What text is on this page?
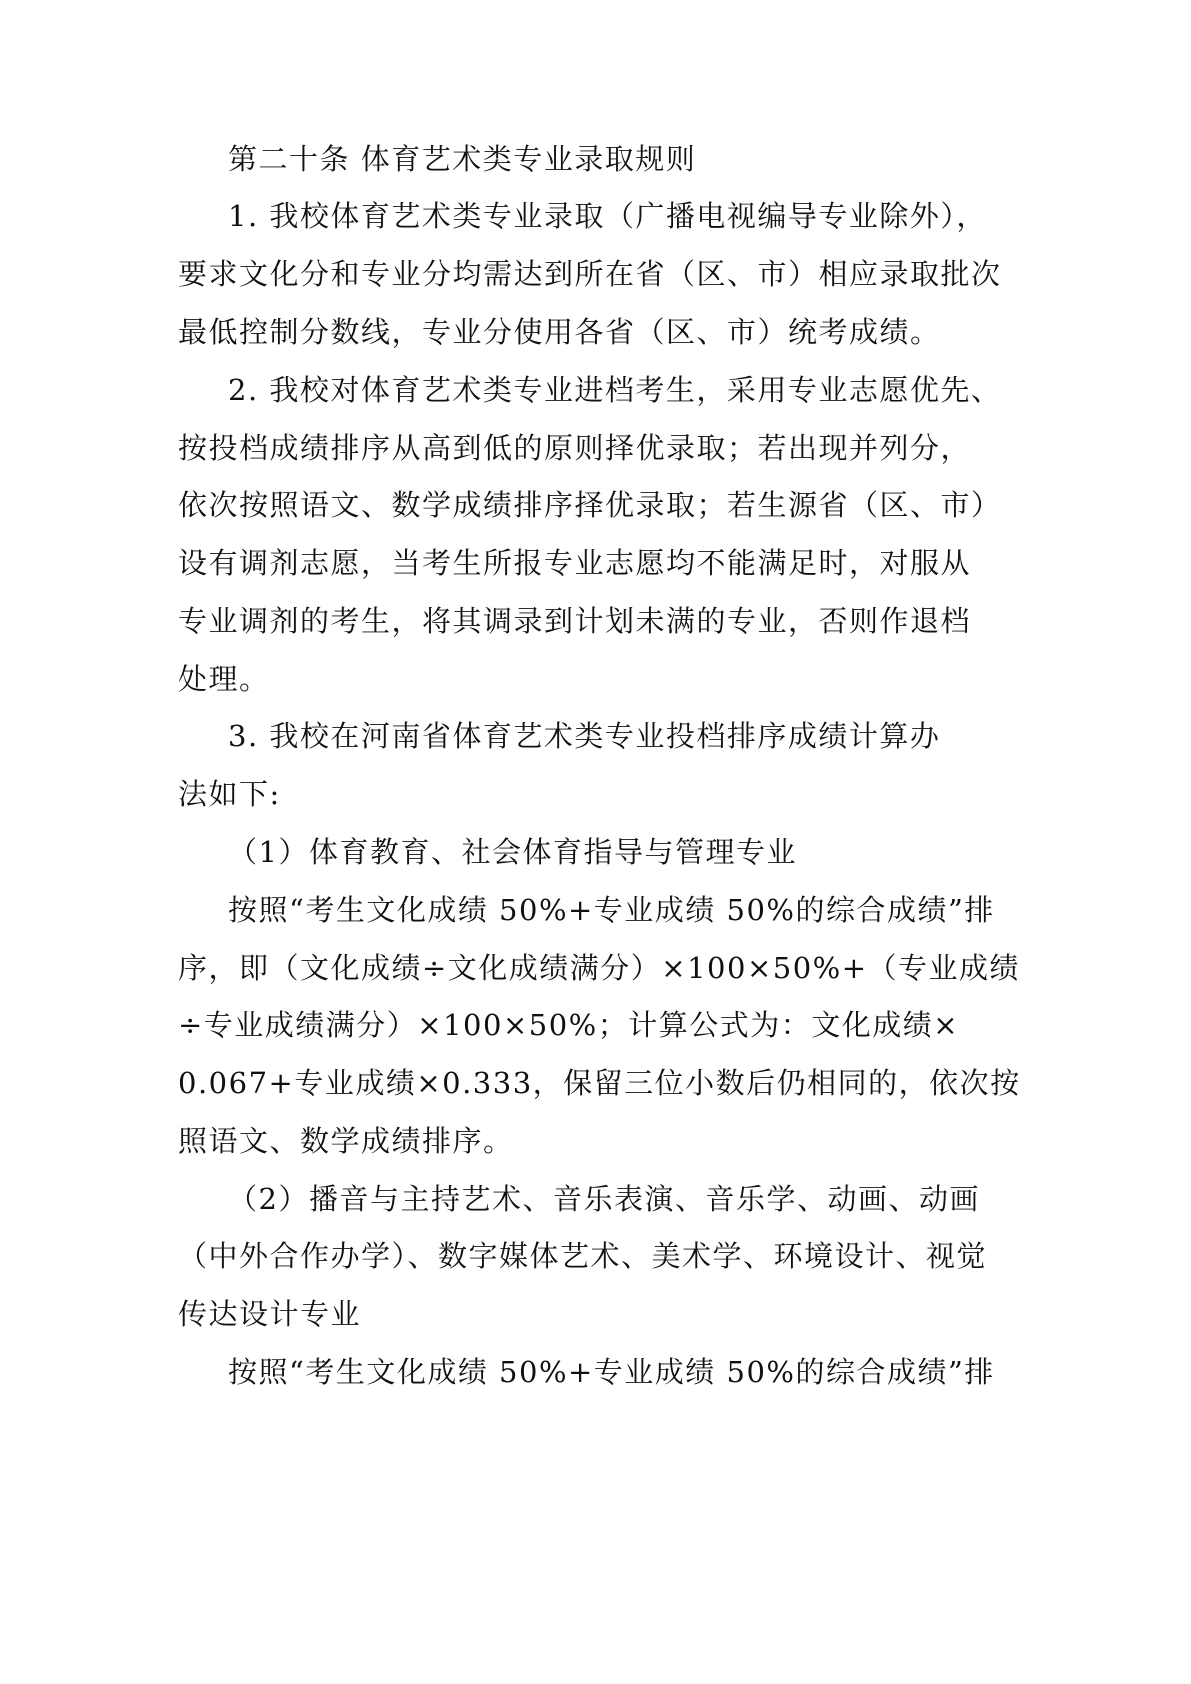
第二十条 体育艺术类专业录取规则

1. 我校体育艺术类专业录取（广播电视编导专业除外），

要求文化分和专业分均需达到所在省（区、市）相应录取批次

最低控制分数线，专业分使用各省（区、市）统考成绩。

2. 我校对体育艺术类专业进档考生，采用专业志愿优先、

按投档成绩排序从高到低的原则择优录取；若出现并列分，

依次按照语文、数学成绩排序择优录取；若生源省（区、市）

设有调剂志愿，当考生所报专业志愿均不能满足时，对服从

专业调剂的考生，将其调录到计划未满的专业，否则作退档

处理。

3. 我校在河南省体育艺术类专业投档排序成绩计算办

法如下:

（1）体育教育、社会体育指导与管理专业

按照“考生文化成绩 50%+专业成绩 50%的综合成绩”排

序，即（文化成绩÷文化成绩满分）×100×50%+（专业成绩

÷专业成绩满分）×100×50%；计算公式为：文化成绩×

0.067+专业成绩×0.333，保留三位小数后仍相同的，依次按

照语文、数学成绩排序。

（2）播音与主持艺术、音乐表演、音乐学、动画、动画

（中外合作办学）、数字媒体艺术、美术学、环境设计、视觉

传达设计专业

按照“考生文化成绩 50%+专业成绩 50%的综合成绩”排
